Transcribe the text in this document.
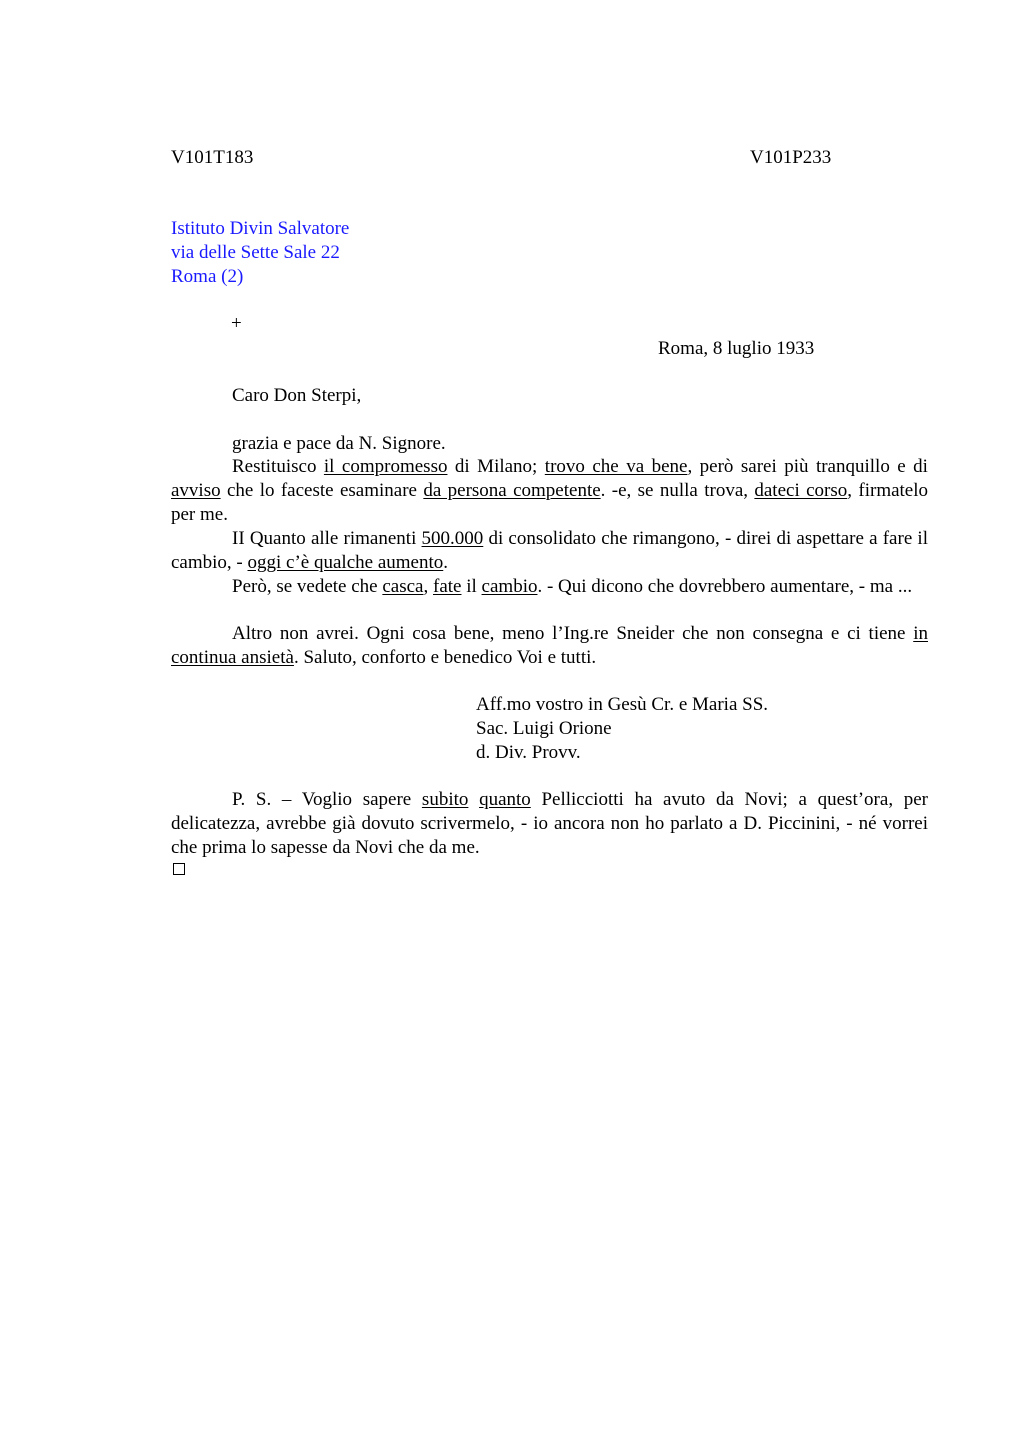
V101T183	V101P233
Istituto Divin Salvatore
via delle Sette Sale 22
Roma (2)
+
Roma, 8 luglio 1933
Caro Don Sterpi,
grazia e pace da N. Signore.
Restituisco il compromesso di Milano; trovo che va bene, però sarei più tranquillo e di avviso che lo faceste esaminare da persona competente. -e, se nulla trova, dateci corso, firmatelo per me.
II Quanto alle rimanenti 500.000 di consolidato che rimangono, - direi di aspettare a fare il cambio, - oggi c’è qualche aumento.
Però, se vedete che casca, fate il cambio. - Qui dicono che dovrebbero aumentare, - ma ...
Altro non avrei. Ogni cosa bene, meno l’Ing.re Sneider che non consegna e ci tiene in continua ansietà. Saluto, conforto e benedico Voi e tutti.
Aff.mo vostro in Gesù Cr. e Maria SS.
Sac. Luigi Orione
d. Div. Provv.
P. S. – Voglio sapere subito quanto Pellicciotti ha avuto da Novi; a quest’ora, per delicatezza, avrebbe già dovuto scrivermelo, - io ancora non ho parlato a D. Piccinini, - né vorrei che prima lo sapesse da Novi che da me.
